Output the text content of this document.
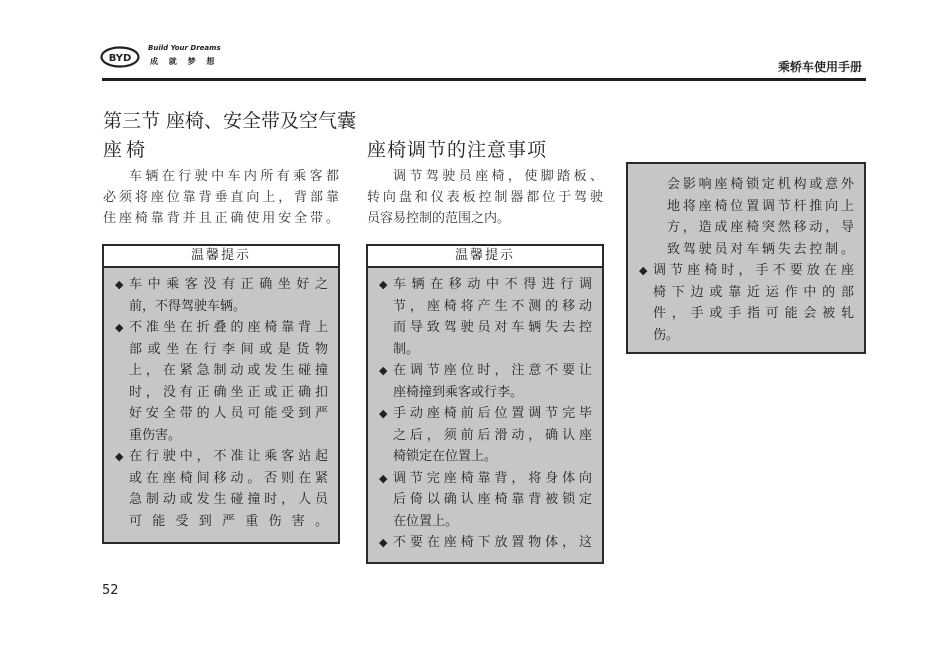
BYD
Build Your Dreams
成 就 梦 想	乘轿车使用手册
第三节 座椅、安全带及空气囊
座椅
车辆在行驶中车内所有乘客都
必须将座位靠背垂直向上，背部靠
住座椅靠背并且正确使用安全带。
温馨提示
◆ 车中乘客没有正确坐好之
前，不得驾驶车辆。
◆ 不准坐在折叠的座椅靠背上
部或坐在行李间或是货物
上，在紧急制动或发生碰撞
时，没有正确坐正或正确扣
好安全带的人员可能受到严
重伤害。
◆ 在行驶中，不准让乘客站起
或在座椅间移动。否则在紧
急制动或发生碰撞时，人员
可能受到严重伤害。
座椅调节的注意事项
调节驾驶员座椅，使脚踏板、
转向盘和仪表板控制器都位于驾驶
员容易控制的范围之内。
温馨提示
◆ 车辆在移动中不得进行调
节，座椅将产生不测的移动
而导致驾驶员对车辆失去控
制。
◆ 在调节座位时，注意不要让
座椅撞到乘客或行李。
◆ 手动座椅前后位置调节完毕
之后，须前后滑动，确认座
椅锁定在位置上。
◆ 调节完座椅靠背，将身体向
后倚以确认座椅靠背被锁定
在位置上。
◆ 不要在座椅下放置物体，这
会影响座椅锁定机构或意外
地将座椅位置调节杆推向上
方，造成座椅突然移动，导
致驾驶员对车辆失去控制。
◆ 调节座椅时，手不要放在座
椅下边或靠近运作中的部
件，手或手指可能会被轧
伤。
52
